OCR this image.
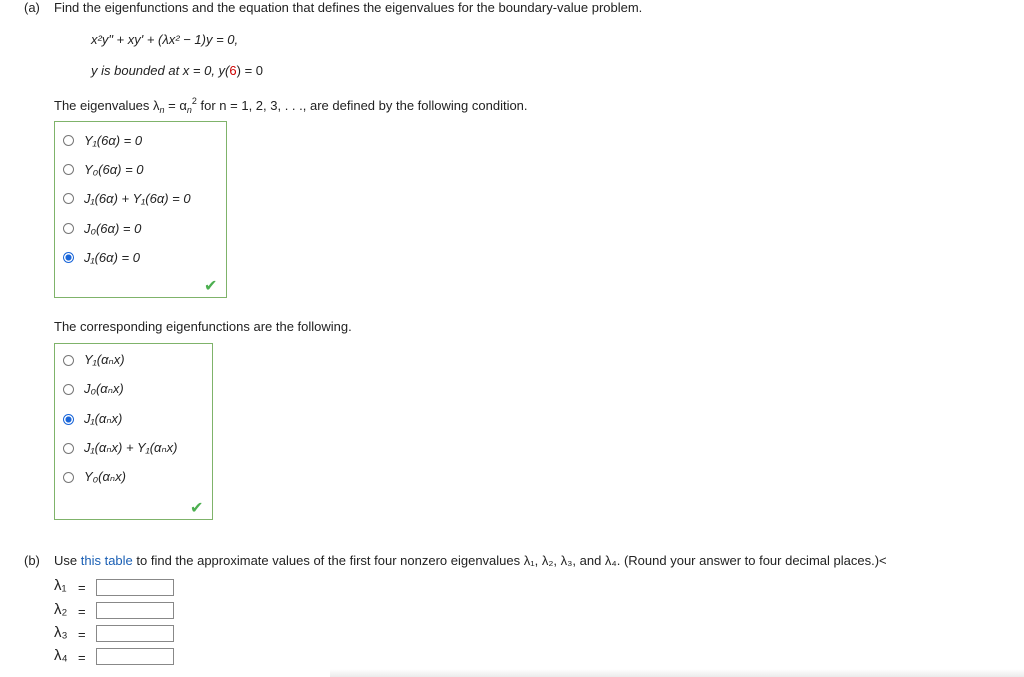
(a) Find the eigenfunctions and the equation that defines the eigenvalues for the boundary-value problem.
x²y" + xy' + (λx² − 1)y = 0,
y is bounded at x = 0, y(6) = 0
The eigenvalues $\lambda_n = \alpha_n^2$ for n = 1, 2, 3, . . ., are defined by the following condition.
Y₁(6α) = 0
Y₀(6α) = 0
J₁(6α) + Y₁(6α) = 0
J₀(6α) = 0
J₁(6α) = 0
✔
The corresponding eigenfunctions are the following.
Y₁(αₙx)
J₀(αₙx)
J₁(αₙx)
J₁(αₙx) + Y₁(αₙx)
Y₀(αₙx)
✔
(b) Use this table to find the approximate values of the first four nonzero eigenvalues λ₁, λ₂, λ₃, and λ₄. (Round your answer to four decimal places.)<
λ₁ =
λ₂ =
λ₃ =
λ₄ =
